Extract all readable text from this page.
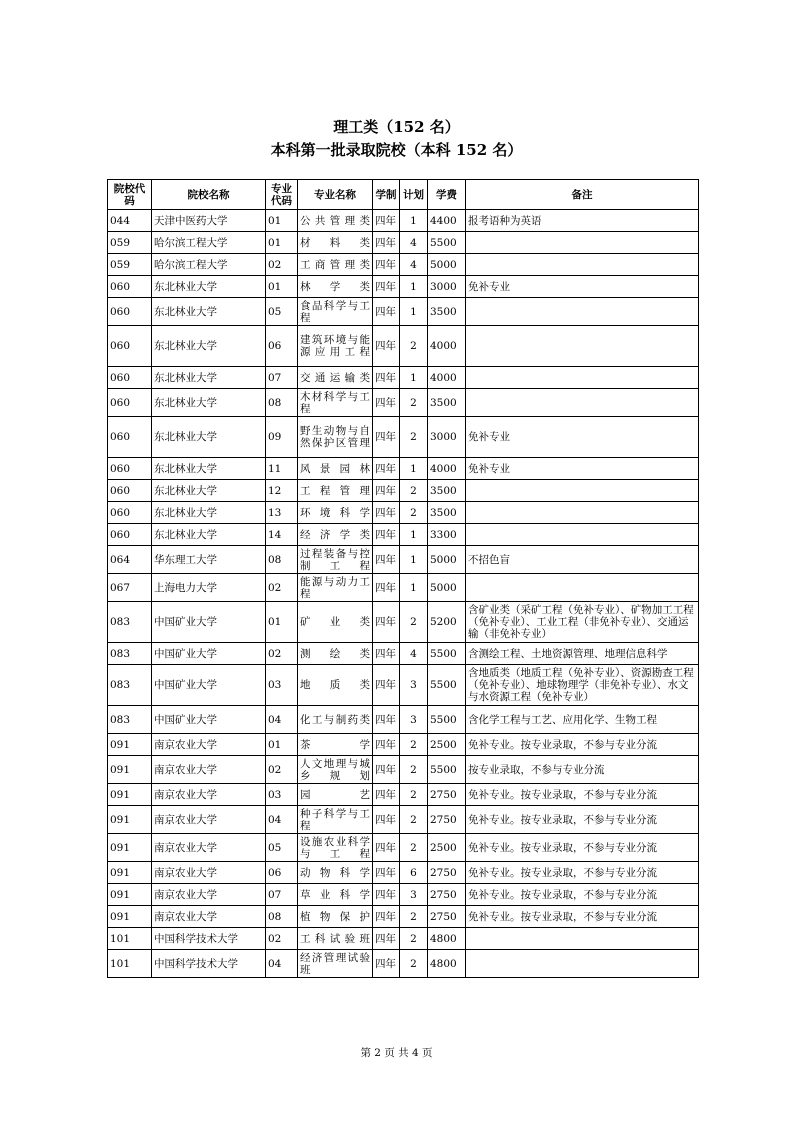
理工类（152 名）
本科第一批录取院校（本科 152 名）
院校代码	院校名称	专业代码	专业名称	学制	计划	学费	备注
044	天津中医药大学	01	公共管理类	四年	1	4400	报考语种为英语
059	哈尔滨工程大学	01	材料类	四年	4	5500	
059	哈尔滨工程大学	02	工商管理类	四年	4	5000	
060	东北林业大学	01	林学类	四年	1	3000	免补专业
060	东北林业大学	05	食品科学与工程	四年	1	3500	
060	东北林业大学	06	建筑环境与能源应用工程	四年	2	4000	
060	东北林业大学	07	交通运输类	四年	1	4000	
060	东北林业大学	08	木材科学与工程	四年	2	3500	
060	东北林业大学	09	野生动物与自然保护区管理	四年	2	3000	免补专业
060	东北林业大学	11	风景园林	四年	1	4000	免补专业
060	东北林业大学	12	工程管理	四年	2	3500	
060	东北林业大学	13	环境科学	四年	2	3500	
060	东北林业大学	14	经济学类	四年	1	3300	
064	华东理工大学	08	过程装备与控制工程	四年	1	5000	不招色盲
067	上海电力大学	02	能源与动力工程	四年	1	5000	
083	中国矿业大学	01	矿业类	四年	2	5200	含矿业类（采矿工程（免补专业）、矿物加工工程（免补专业）、工业工程（非免补专业）、交通运输（非免补专业）
083	中国矿业大学	02	测绘类	四年	4	5500	含测绘工程、土地资源管理、地理信息科学
083	中国矿业大学	03	地质类	四年	3	5500	含地质类（地质工程（免补专业）、资源勘查工程（免补专业）、地球物理学（非免补专业）、水文与水资源工程（免补专业）
083	中国矿业大学	04	化工与制药类	四年	3	5500	含化学工程与工艺、应用化学、生物工程
091	南京农业大学	01	茶学	四年	2	2500	免补专业。按专业录取，不参与专业分流
091	南京农业大学	02	人文地理与城乡规划	四年	2	5500	按专业录取，不参与专业分流
091	南京农业大学	03	园艺	四年	2	2750	免补专业。按专业录取，不参与专业分流
091	南京农业大学	04	种子科学与工程	四年	2	2750	免补专业。按专业录取，不参与专业分流
091	南京农业大学	05	设施农业科学与工程	四年	2	2500	免补专业。按专业录取，不参与专业分流
091	南京农业大学	06	动物科学	四年	6	2750	免补专业。按专业录取，不参与专业分流
091	南京农业大学	07	草业科学	四年	3	2750	免补专业。按专业录取，不参与专业分流
091	南京农业大学	08	植物保护	四年	2	2750	免补专业。按专业录取，不参与专业分流
101	中国科学技术大学	02	工科试验班	四年	2	4800	
101	中国科学技术大学	04	经济管理试验班	四年	2	4800	
第 2 页 共 4 页
